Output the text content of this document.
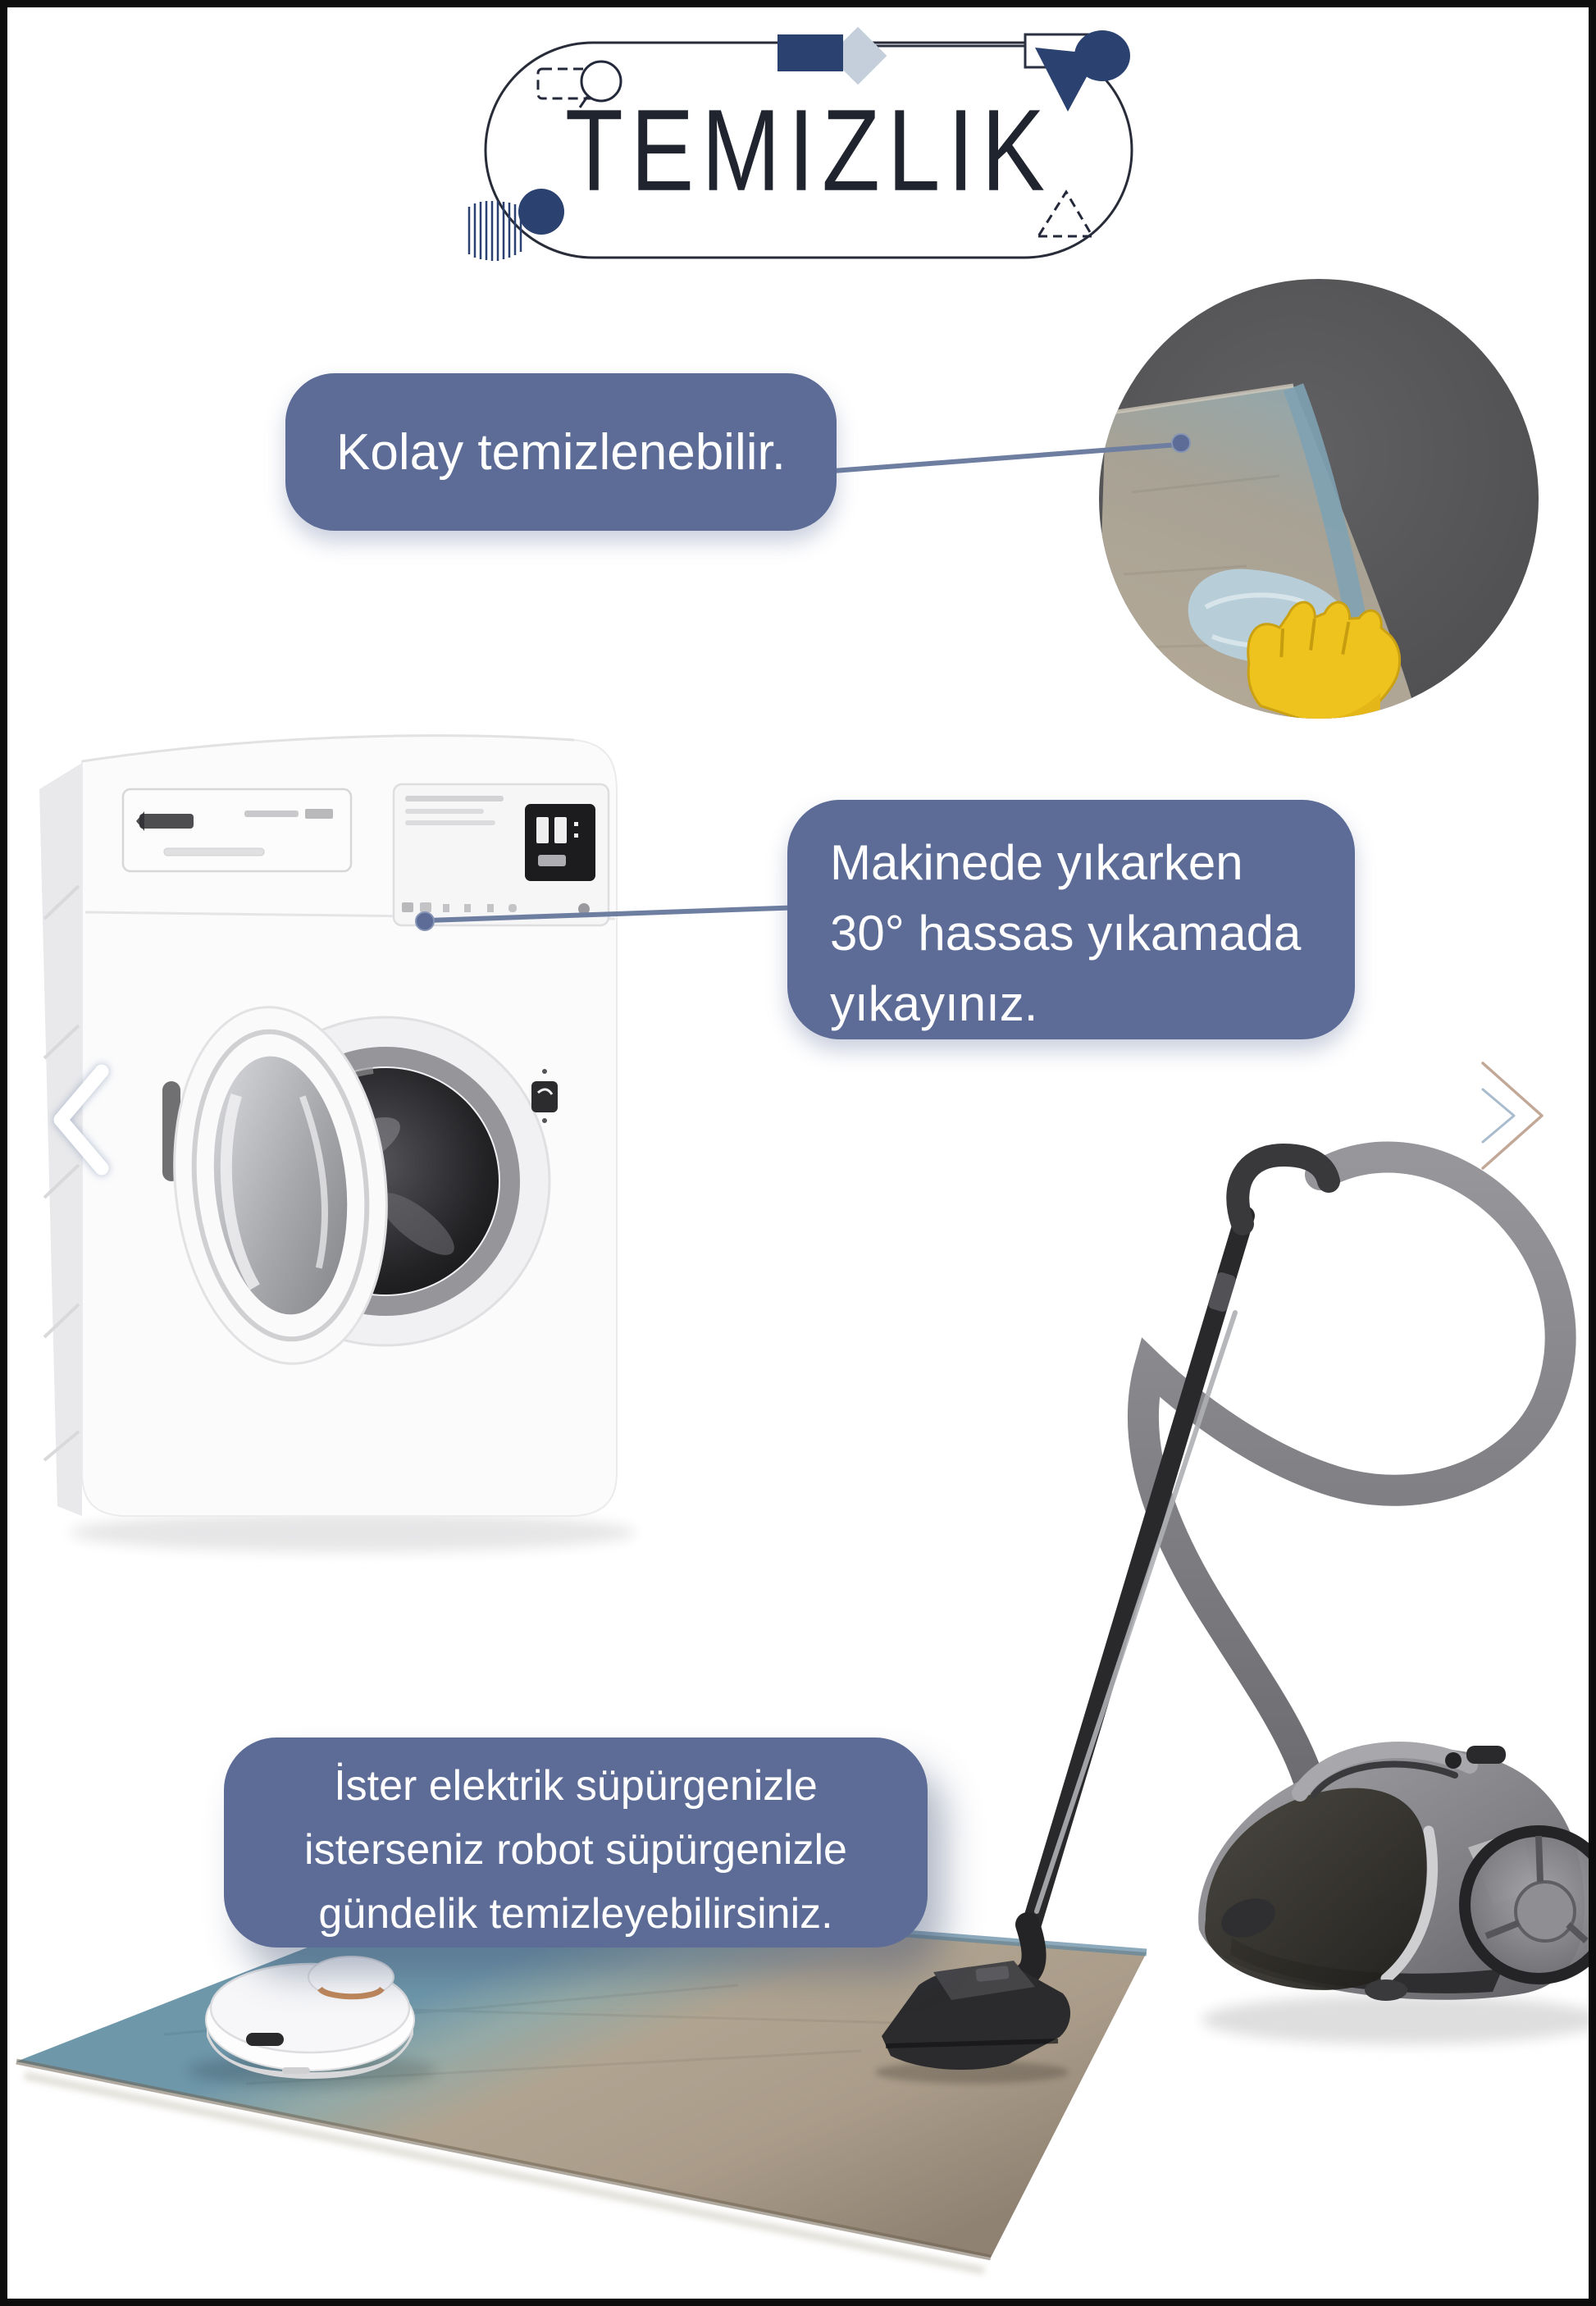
TEMIZLIK
Kolay temizlenebilir.
Makinede yıkarken
30° hassas yıkamada
yıkayınız.
İster elektrik süpürgenizle
isterseniz robot süpürgenizle
gündelik temizleyebilirsiniz.
